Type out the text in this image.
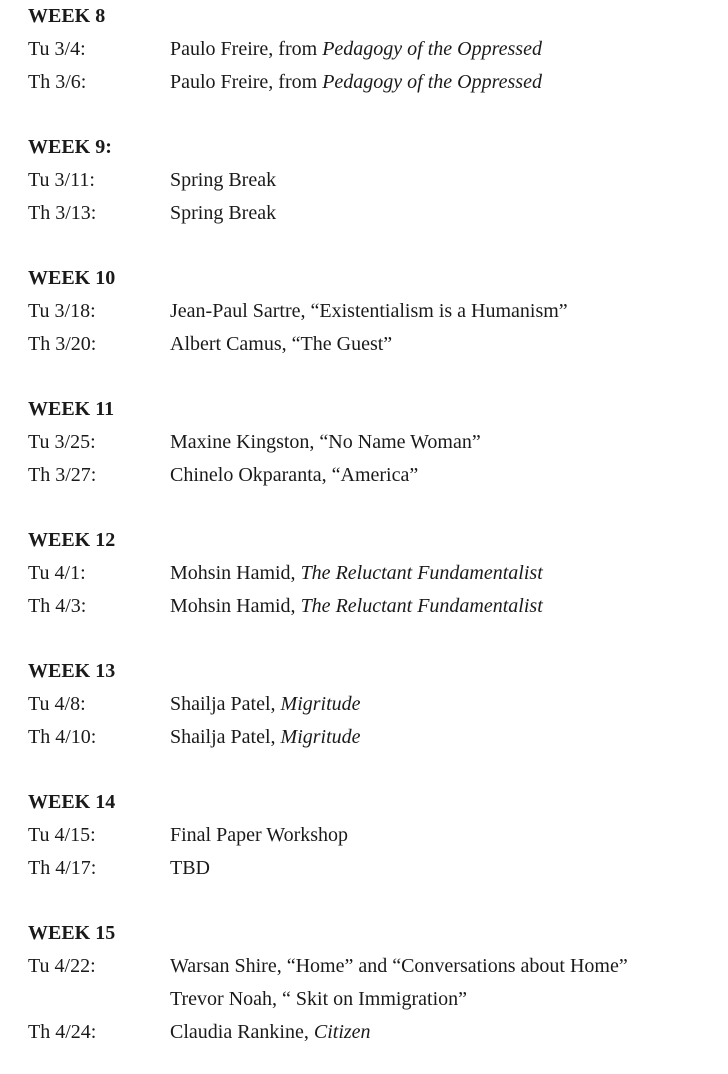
WEEK 8
Tu 3/4:	Paulo Freire, from Pedagogy of the Oppressed
Th 3/6:	Paulo Freire, from Pedagogy of the Oppressed
WEEK 9:
Tu 3/11:	Spring Break
Th 3/13:	Spring Break
WEEK 10
Tu 3/18:	Jean-Paul Sartre, “Existentialism is a Humanism”
Th 3/20:	Albert Camus, “The Guest”
WEEK 11
Tu 3/25:	Maxine Kingston, “No Name Woman”
Th 3/27:	Chinelo Okparanta, “America”
WEEK 12
Tu 4/1:	Mohsin Hamid, The Reluctant Fundamentalist
Th 4/3:	Mohsin Hamid, The Reluctant Fundamentalist
WEEK 13
Tu 4/8:	Shailja Patel, Migritude
Th 4/10:	Shailja Patel, Migritude
WEEK 14
Tu 4/15:	Final Paper Workshop
Th 4/17:	TBD
WEEK 15
Tu 4/22:	Warsan Shire, “Home” and “Conversations about Home”
Trevor Noah, “ Skit on Immigration”
Th 4/24:	Claudia Rankine, Citizen
